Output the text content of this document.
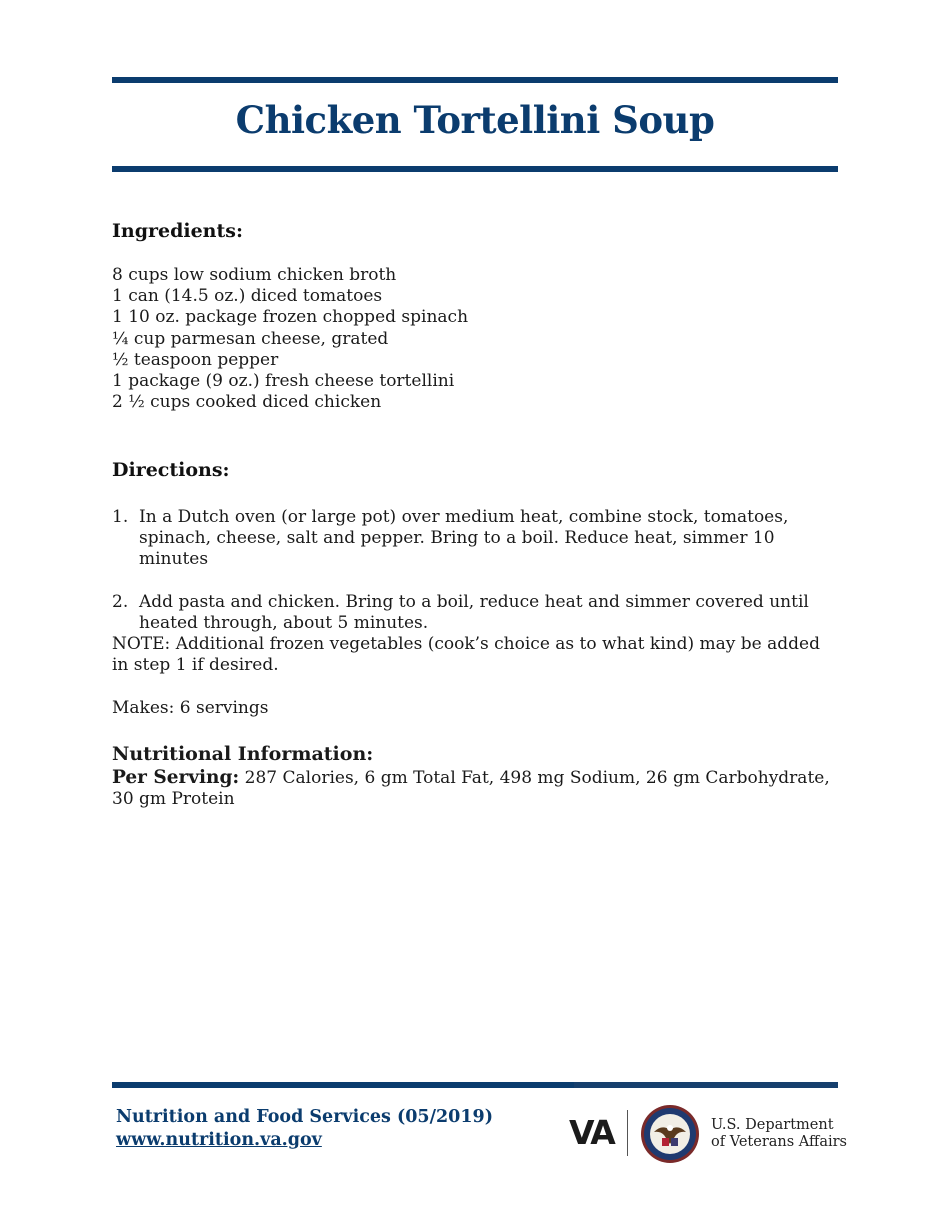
Chicken Tortellini Soup
Ingredients:
8 cups low sodium chicken broth
1 can (14.5 oz.) diced tomatoes
1 10 oz. package frozen chopped spinach
¼ cup parmesan cheese, grated
½ teaspoon pepper
1 package (9 oz.) fresh cheese tortellini
2 ½ cups cooked diced chicken
Directions:
1. In a Dutch oven (or large pot) over medium heat, combine stock, tomatoes, spinach, cheese, salt and pepper. Bring to a boil. Reduce heat, simmer 10 minutes
2. Add pasta and chicken. Bring to a boil, reduce heat and simmer covered until heated through, about 5 minutes.

NOTE: Additional frozen vegetables (cook’s choice as to what kind) may be added in step 1 if desired.

Makes: 6 servings

Nutritional Information:

Per Serving: 287 Calories, 6 gm Total Fat, 498 mg Sodium, 26 gm Carbohydrate, 30 gm Protein

Nutrition and Food Services (05/2019)

www.nutrition.va.gov	VA	U.S. Department
of Veterans Affairs
